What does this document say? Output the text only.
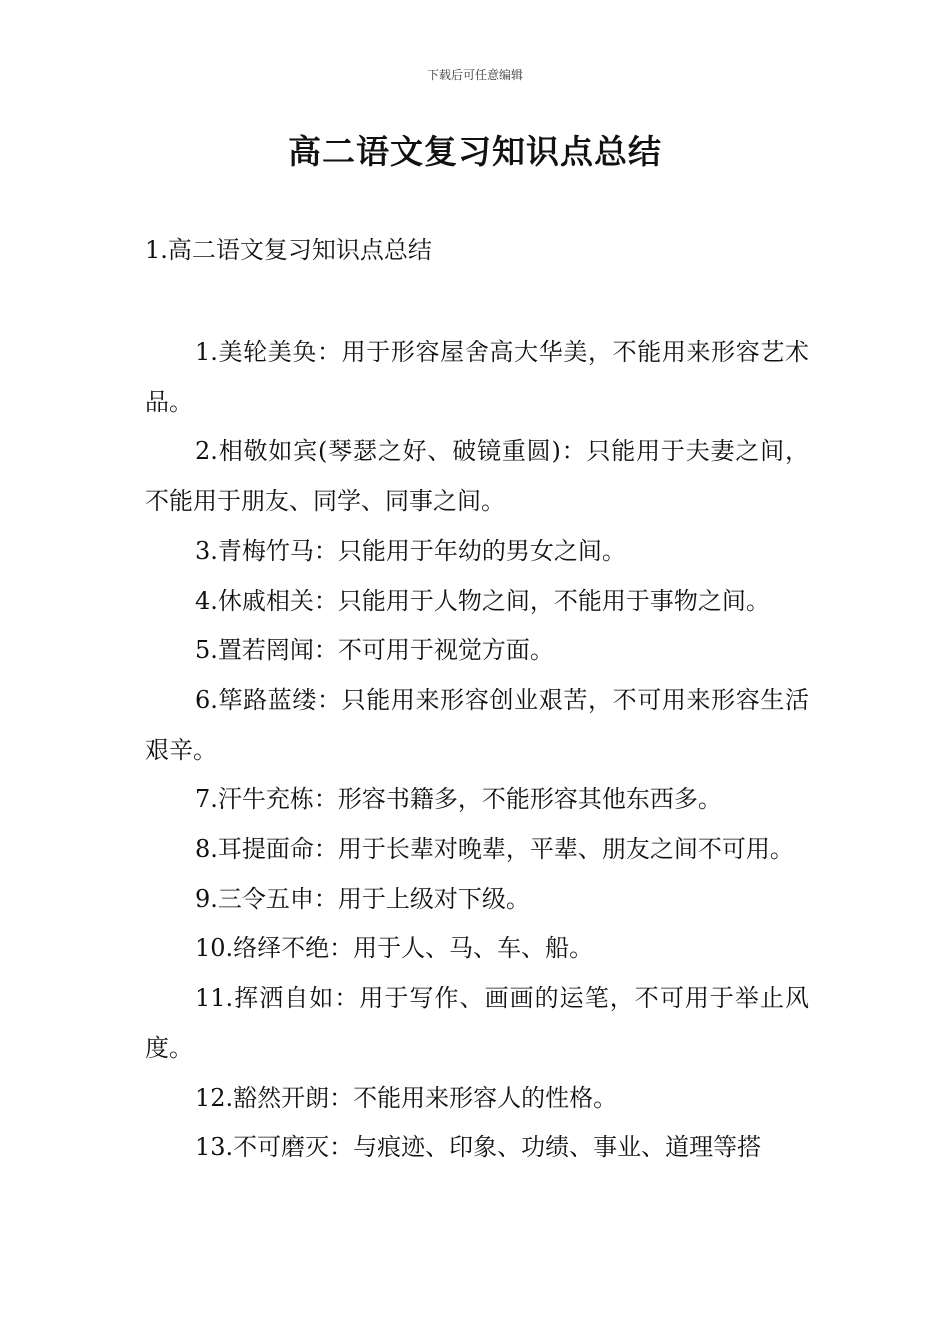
下载后可任意编辑
高二语文复习知识点总结
1.高二语文复习知识点总结

1.美轮美奂：用于形容屋舍高大华美，不能用来形容艺术品。

2.相敬如宾(琴瑟之好、破镜重圆)：只能用于夫妻之间，不能用于朋友、同学、同事之间。

3.青梅竹马：只能用于年幼的男女之间。

4.休戚相关：只能用于人物之间，不能用于事物之间。

5.置若罔闻：不可用于视觉方面。

6.筚路蓝缕：只能用来形容创业艰苦，不可用来形容生活艰辛。

7.汗牛充栋：形容书籍多，不能形容其他东西多。

8.耳提面命：用于长辈对晚辈，平辈、朋友之间不可用。

9.三令五申：用于上级对下级。

10.络绎不绝：用于人、马、车、船。

11.挥洒自如：用于写作、画画的运笔，不可用于举止风度。

12.豁然开朗：不能用来形容人的性格。

13.不可磨灭：与痕迹、印象、功绩、事业、道理等搭
